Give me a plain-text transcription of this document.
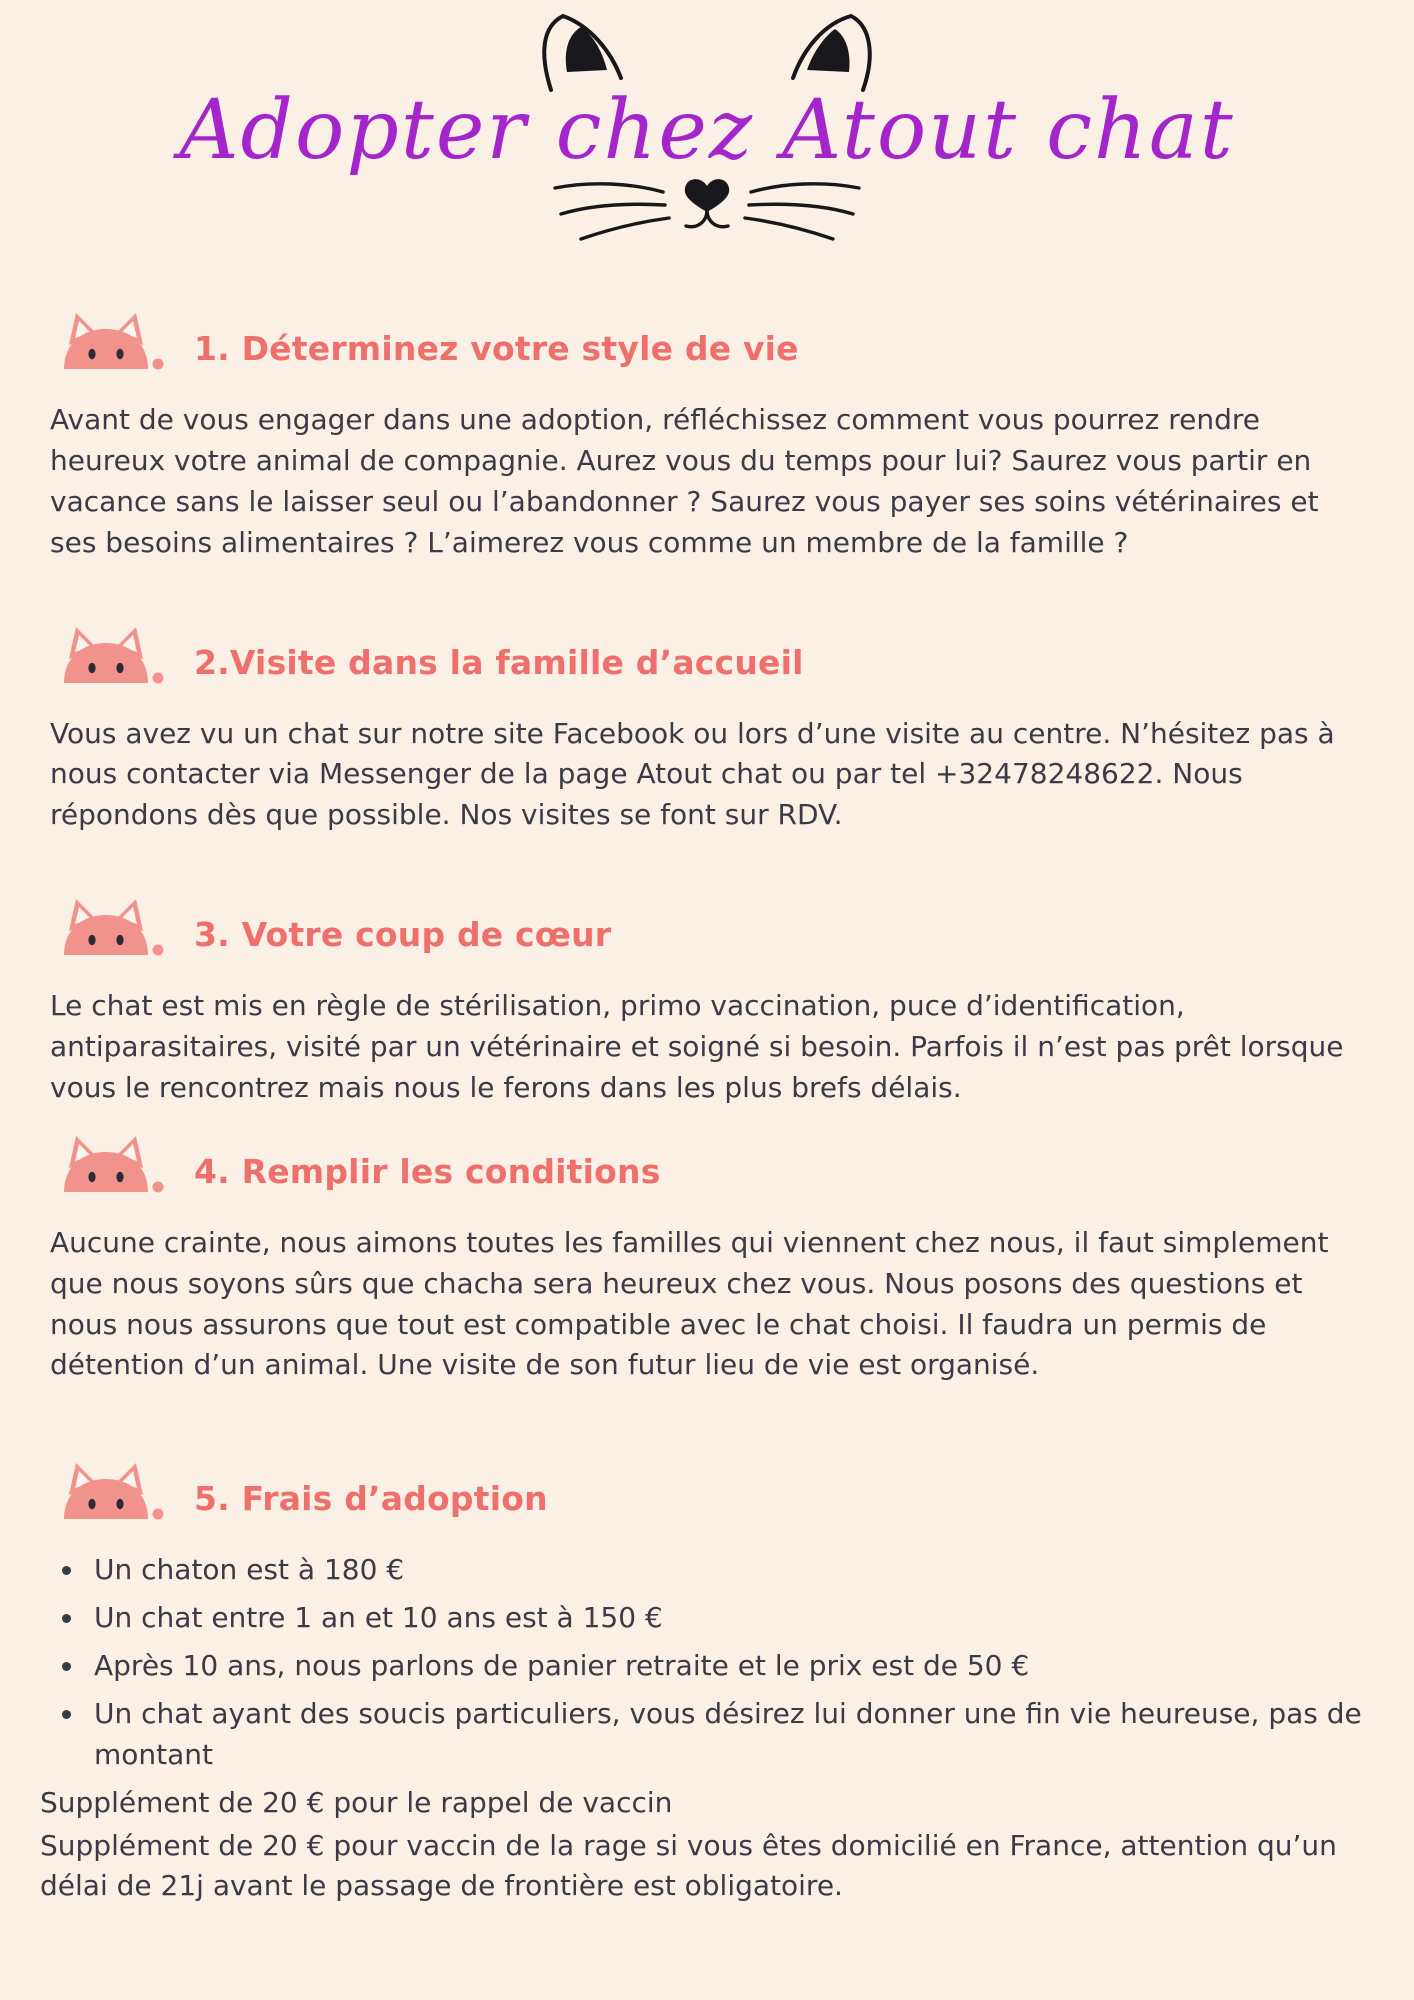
Adopter chez Atout chat
1. Déterminez votre style de vie

Avant de vous engager dans une adoption, réfléchissez comment vous pourrez rendre heureux votre animal de compagnie. Aurez vous du temps pour lui? Saurez vous partir en vacance sans le laisser seul ou l’abandonner ? Saurez vous payer ses soins vétérinaires et ses besoins alimentaires ? L’aimerez vous comme un membre de la famille ?

2.Visite dans la famille d’accueil

Vous avez vu un chat sur notre site Facebook ou lors d’une visite au centre. N’hésitez pas à nous contacter via Messenger de la page Atout chat ou par tel +32478248622. Nous répondons dès que possible. Nos visites se font sur RDV.

3. Votre coup de cœur

Le chat est mis en règle de stérilisation, primo vaccination, puce d’identification, antiparasitaires, visité par un vétérinaire et soigné si besoin. Parfois il n’est pas prêt lorsque vous le rencontrez mais nous le ferons dans les plus brefs délais.

4. Remplir les conditions

Aucune crainte, nous aimons toutes les familles qui viennent chez nous, il faut simplement que nous soyons sûrs que chacha sera heureux chez vous. Nous posons des questions et nous nous assurons que tout est compatible avec le chat choisi. Il faudra un permis de détention d’un animal. Une visite de son futur lieu de vie est organisé.

5. Frais d’adoption
• Un chaton est à 180 €
• Un chat entre 1 an et 10 ans est à 150 €
• Après 10 ans, nous parlons de panier retraite et le prix est de 50 €
• Un chat ayant des soucis particuliers, vous désirez lui donner une fin vie heureuse, pas de montant

Supplément de 20 € pour le rappel de vaccin

Supplément de 20 € pour vaccin de la rage si vous êtes domicilié en France, attention qu’un délai de 21j avant le passage de frontière est obligatoire.
